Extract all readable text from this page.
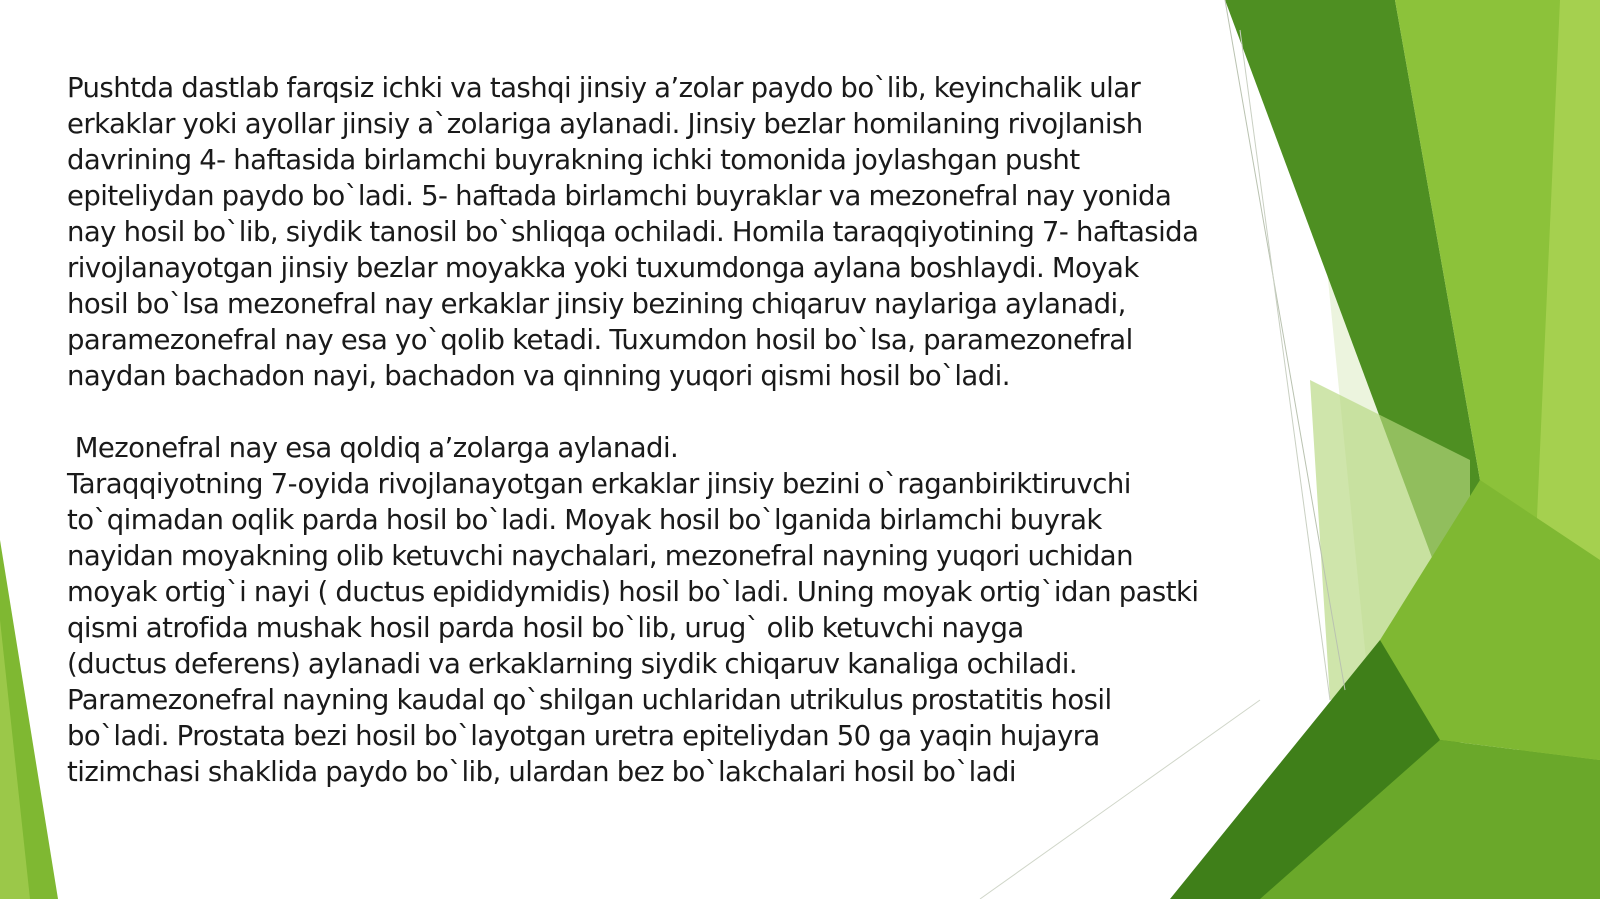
Pushtda dastlab farqsiz ichki va tashqi jinsiy a’zolar paydo bo`lib, keyinchalik ular
erkaklar yoki ayollar jinsiy a`zolariga aylanadi. Jinsiy bezlar homilaning rivojlanish
davrining 4- haftasida birlamchi buyrakning ichki tomonida joylashgan pusht
epiteliydan paydo bo`ladi. 5- haftada birlamchi buyraklar va mezonefral nay yonida
nay hosil bo`lib, siydik tanosil bo`shliqqa ochiladi. Homila taraqqiyotining 7- haftasida
rivojlanayotgan jinsiy bezlar moyakka yoki tuxumdonga aylana boshlaydi. Moyak
hosil bo`lsa mezonefral nay erkaklar jinsiy bezining chiqaruv naylariga aylanadi,
paramezonefral nay esa yo`qolib ketadi. Tuxumdon hosil bo`lsa, paramezonefral
naydan bachadon nayi, bachadon va qinning yuqori qismi hosil bo`ladi.
Mezonefral nay esa qoldiq a’zolarga aylanadi.
Taraqqiyotning 7-oyida rivojlanayotgan erkaklar jinsiy bezini o`raganbiriktiruvchi
to`qimadan oqlik parda hosil bo`ladi. Moyak hosil bo`lganida birlamchi buyrak
nayidan moyakning olib ketuvchi naychalari, mezonefral nayning yuqori uchidan
moyak ortig`i nayi ( ductus epididymidis) hosil bo`ladi. Uning moyak ortig`idan pastki
qismi atrofida mushak hosil parda hosil bo`lib, urug` olib ketuvchi nayga
(ductus deferens) aylanadi va erkaklarning siydik chiqaruv kanaliga ochiladi.
Paramezonefral nayning kaudal qo`shilgan uchlaridan utrikulus prostatitis hosil
bo`ladi. Prostata bezi hosil bo`layotgan uretra epiteliydan 50 ga yaqin hujayra
tizimchasi shaklida paydo bo`lib, ulardan bez bo`lakchalari hosil bo`ladi
